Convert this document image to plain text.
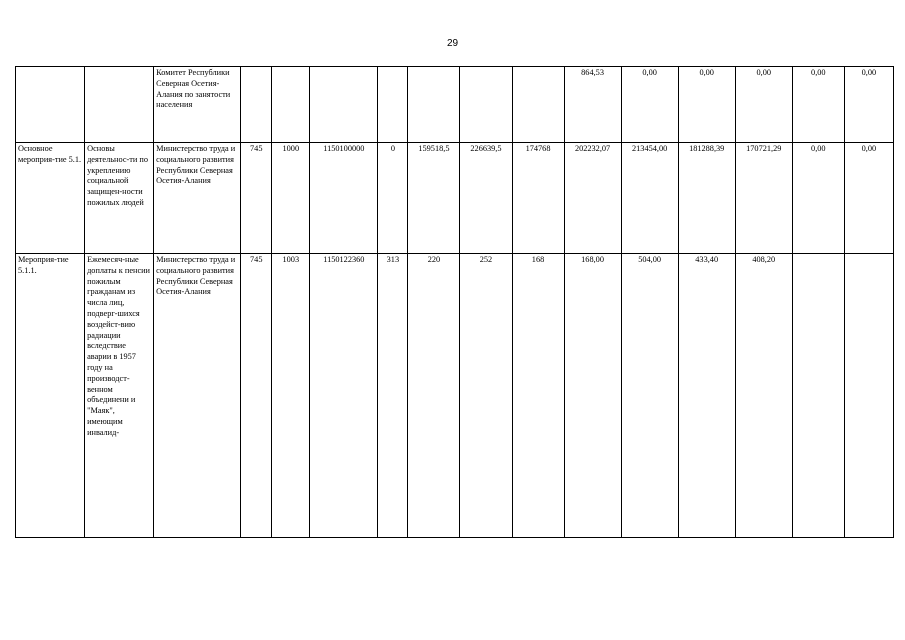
29
		Комитет Республики Северная Осетия-Алания по занятости населения								864,53	0,00	0,00	0,00	0,00	0,00
Основное мероприя-тие 5.1.	Основы деятельнос-ти по укреплению социальной защищен-ности пожилых людей	Министерство труда и социального развития Республики Северная Осетия-Алания	745	1000	1150100000	0	159518,5	226639,5	174768	202232,07	213454,00	181288,39	170721,29	0,00	0,00
Мероприя-тие 5.1.1.	Ежемесяч-ные доплаты к пенсии пожилым гражданам из числа лиц, подверг-шихся воздейст-вию радиации вследствие аварии в 1957 году на производст-венном объединени и "Маяк", имеющим инвалид-	Министерство труда и социального развития Республики Северная Осетия-Алания	745	1003	1150122360	313	220	252	168	168,00	504,00	433,40	408,20		
